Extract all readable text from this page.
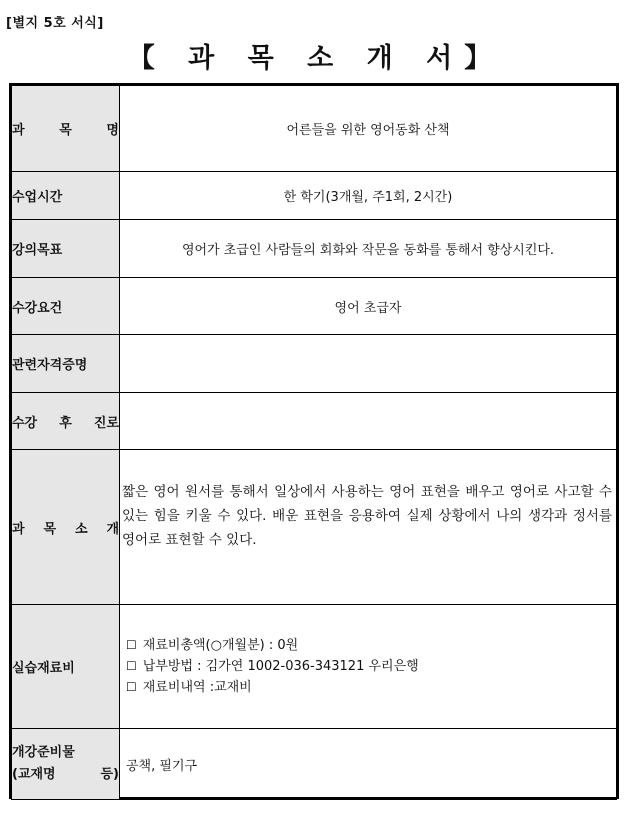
[별지 5호 서식]
【 과 목 소 개 서】
과 목 명	어른들을 위한 영어동화 산책
수업시간	한 학기(3개월, 주1회, 2시간)
강의목표	영어가 초급인 사람들의 회화와 작문을 동화를 통해서 향상시킨다.
수강요건	영어 초급자
관련자격증명	
수강 후 진로	
과 목 소 개	짧은 영어 원서를 통해서 일상에서 사용하는 영어 표현을 배우고 영어로 사고할 수 있는 힘을 키울 수 있다. 배운 표현을 응용하여 실제 상황에서 나의 생각과 정서를 영어로 표현할 수 있다.

실습재료비	☐ 재료비총액(○개월분) : 0원
☐ 납부방법 : 김가연 1002-036-343121 우리은행
☐ 재료비내역 :교재비

개강준비물
(교재명 등)	공책, 필기구
